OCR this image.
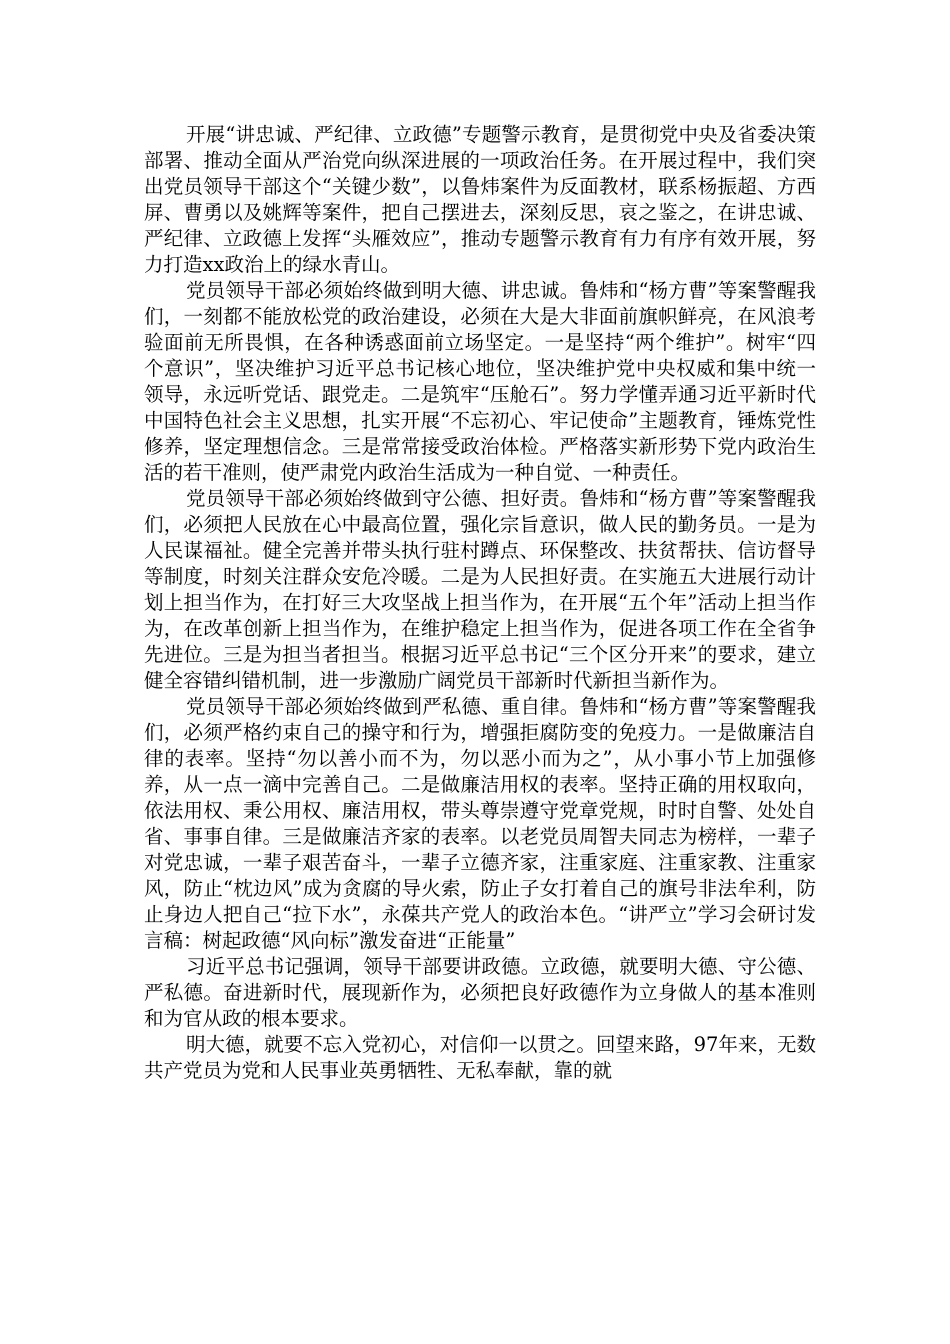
开展“讲忠诚、严纪律、立政德”专题警示教育，是贯彻党中央及省委决策部署、推动全面从严治党向纵深进展的一项政治任务。在开展过程中，我们突出党员领导干部这个“关键少数”，以鲁炜案件为反面教材，联系杨振超、方西屏、曹勇以及姚辉等案件，把自己摆进去，深刻反思，哀之鉴之，在讲忠诚、严纪律、立政德上发挥“头雁效应”，推动专题警示教育有力有序有效开展，努力打造xx政治上的绿水青山。

党员领导干部必须始终做到明大德、讲忠诚。鲁炜和“杨方曹”等案警醒我们，一刻都不能放松党的政治建设，必须在大是大非面前旗帜鲜亮，在风浪考验面前无所畏惧，在各种诱惑面前立场坚定。一是坚持“两个维护”。树牢“四个意识”，坚决维护习近平总书记核心地位，坚决维护党中央权威和集中统一领导，永远听党话、跟党走。二是筑牢“压舱石”。努力学懂弄通习近平新时代中国特色社会主义思想，扎实开展“不忘初心、牢记使命”主题教育，锤炼党性修养，坚定理想信念。三是常常接受政治体检。严格落实新形势下党内政治生活的若干准则，使严肃党内政治生活成为一种自觉、一种责任。

党员领导干部必须始终做到守公德、担好责。鲁炜和“杨方曹”等案警醒我们，必须把人民放在心中最高位置，强化宗旨意识，做人民的勤务员。一是为人民谋福祉。健全完善并带头执行驻村蹲点、环保整改、扶贫帮扶、信访督导等制度，时刻关注群众安危冷暖。二是为人民担好责。在实施五大进展行动计划上担当作为，在打好三大攻坚战上担当作为，在开展“五个年”活动上担当作为，在改革创新上担当作为，在维护稳定上担当作为，促进各项工作在全省争先进位。三是为担当者担当。根据习近平总书记“三个区分开来”的要求，建立健全容错纠错机制，进一步激励广阔党员干部新时代新担当新作为。

党员领导干部必须始终做到严私德、重自律。鲁炜和“杨方曹”等案警醒我们，必须严格约束自己的操守和行为，增强拒腐防变的免疫力。一是做廉洁自律的表率。坚持“勿以善小而不为，勿以恶小而为之”，从小事小节上加强修养，从一点一滴中完善自己。二是做廉洁用权的表率。坚持正确的用权取向，依法用权、秉公用权、廉洁用权，带头尊崇遵守党章党规，时时自警、处处自省、事事自律。三是做廉洁齐家的表率。以老党员周智夫同志为榜样，一辈子对党忠诚，一辈子艰苦奋斗，一辈子立德齐家，注重家庭、注重家教、注重家风，防止“枕边风”成为贪腐的导火索，防止子女打着自己的旗号非法牟利，防止身边人把自己“拉下水”，永葆共产党人的政治本色。“讲严立”学习会研讨发言稿：树起政德“风向标”激发奋进“正能量”

习近平总书记强调，领导干部要讲政德。立政德，就要明大德、守公德、严私德。奋进新时代，展现新作为，必须把良好政德作为立身做人的基本准则和为官从政的根本要求。

明大德，就要不忘入党初心，对信仰一以贯之。回望来路，97年来，无数共产党员为党和人民事业英勇牺牲、无私奉献，靠的就
